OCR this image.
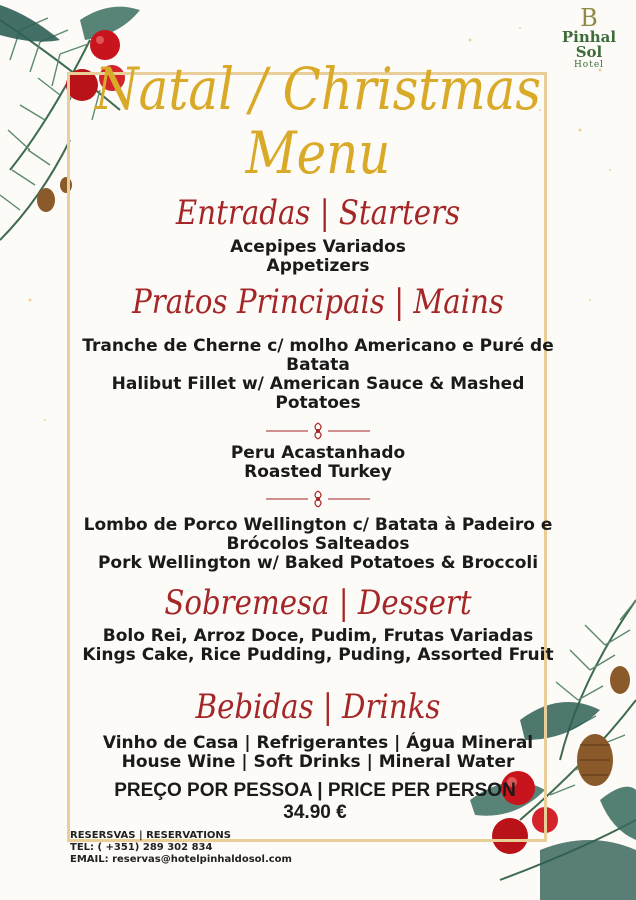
B
Pinhal Sol
Hotel
Natal / Christmas
Menu
Entradas | Starters
Acepipes Variados
Appetizers
Pratos Principais | Mains
Tranche de Cherne c/ molho Americano e Puré de
Batata
Halibut Fillet w/ American Sauce & Mashed
Potatoes
Peru Acastanhado
Roasted Turkey
Lombo de Porco Wellington c/ Batata à Padeiro e
Brócolos Salteados
Pork Wellington w/ Baked Potatoes & Broccoli
Sobremesa | Dessert
Bolo Rei, Arroz Doce, Pudim, Frutas Variadas
Kings Cake, Rice Pudding, Puding, Assorted Fruit
Bebidas | Drinks
Vinho de Casa | Refrigerantes | Água Mineral
House Wine | Soft Drinks | Mineral Water
PREÇO POR PESSOA | PRICE PER PERSON
34.90 €
RESERSVAS | RESERVATIONS
TEL: ( +351) 289 302 834
EMAIL: reservas@hotelpinhaldosol.com
